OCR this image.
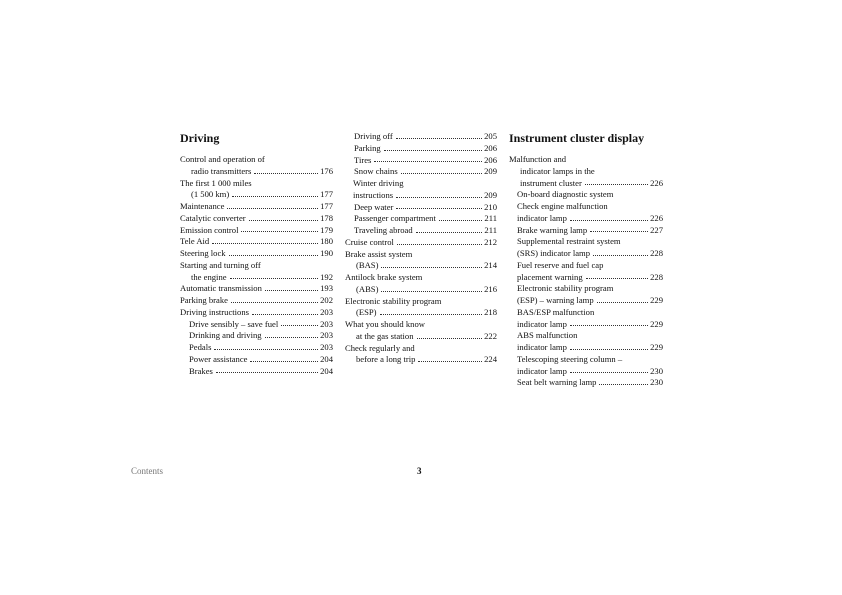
Driving
Control and operation of
radio transmitters	176
The first 1 000 miles
(1 500 km)	177
Maintenance	177
Catalytic converter	178
Emission control	179
Tele Aid	180
Steering lock	190
Starting and turning off
the engine	192
Automatic transmission	193
Parking brake	202
Driving instructions	203
Drive sensibly – save fuel	203
Drinking and driving	203
Pedals	203
Power assistance	204
Brakes	204
Driving off	205
Parking	206
Tires	206
Snow chains	209
Winter driving
instructions	209
Deep water	210
Passenger compartment	211
Traveling abroad	211
Cruise control	212
Brake assist system
(BAS)	214
Antilock brake system
(ABS)	216
Electronic stability program
(ESP)	218
What you should know
at the gas station	222
Check regularly and
before a long trip	224
Instrument cluster display
Malfunction and
indicator lamps in the
instrument cluster	226
On-board diagnostic system
Check engine malfunction
indicator lamp	226
Brake warning lamp	227
Supplemental restraint system
(SRS) indicator lamp	228
Fuel reserve and fuel cap
placement warning	228
Electronic stability program
(ESP) – warning lamp	229
BAS/ESP malfunction
indicator lamp	229
ABS malfunction
indicator lamp	229
Telescoping steering column –
indicator lamp	230
Seat belt warning lamp	230
Contents	3
